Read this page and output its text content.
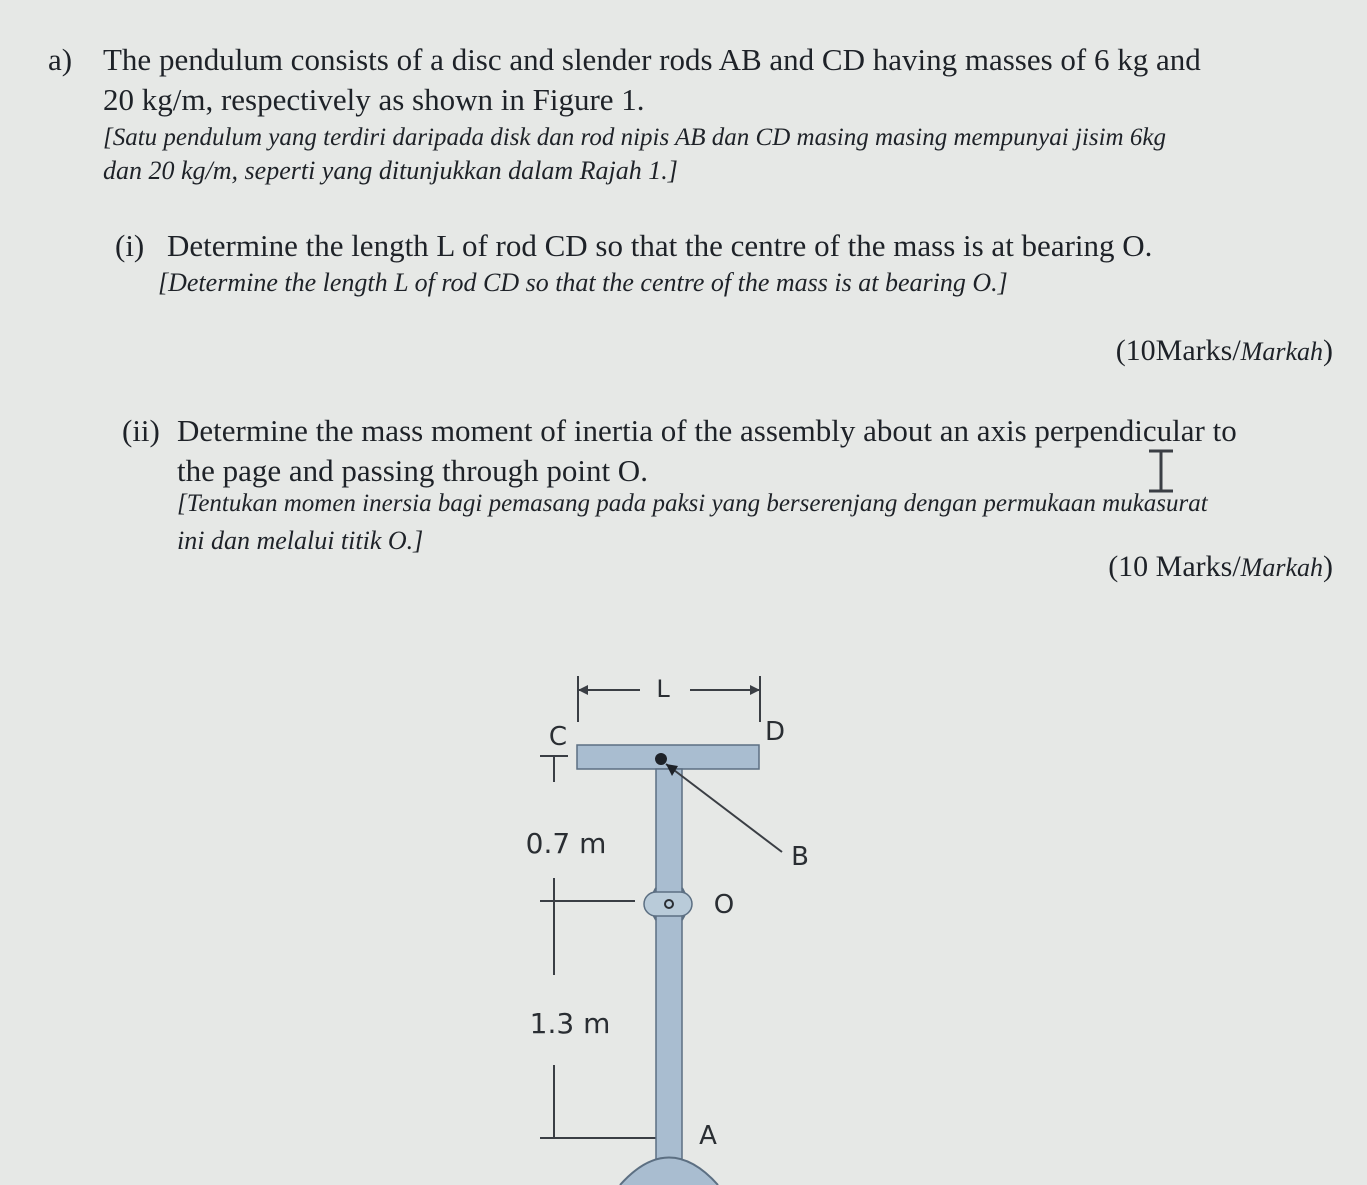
a) The pendulum consists of a disc and slender rods AB and CD having masses of 6 kg and
20 kg/m, respectively as shown in Figure 1.
[Satu pendulum yang terdiri daripada disk dan rod nipis AB dan CD masing masing mempunyai jisim 6kg
dan 20 kg/m, seperti yang ditunjukkan dalam Rajah 1.]
(i) Determine the length L of rod CD so that the centre of the mass is at bearing O.
[Determine the length L of rod CD so that the centre of the mass is at bearing O.]
(10Marks/Markah)
(ii) Determine the mass moment of inertia of the assembly about an axis perpendicular to
the page and passing through point O.
[Tentukan momen inersia bagi pemasang pada paksi yang berserenjang dengan permukaan mukasurat
ini dan melalui titik O.]
(10 Marks/Markah)
L
C	D
0.7 m
1.3 m
O
B
A
